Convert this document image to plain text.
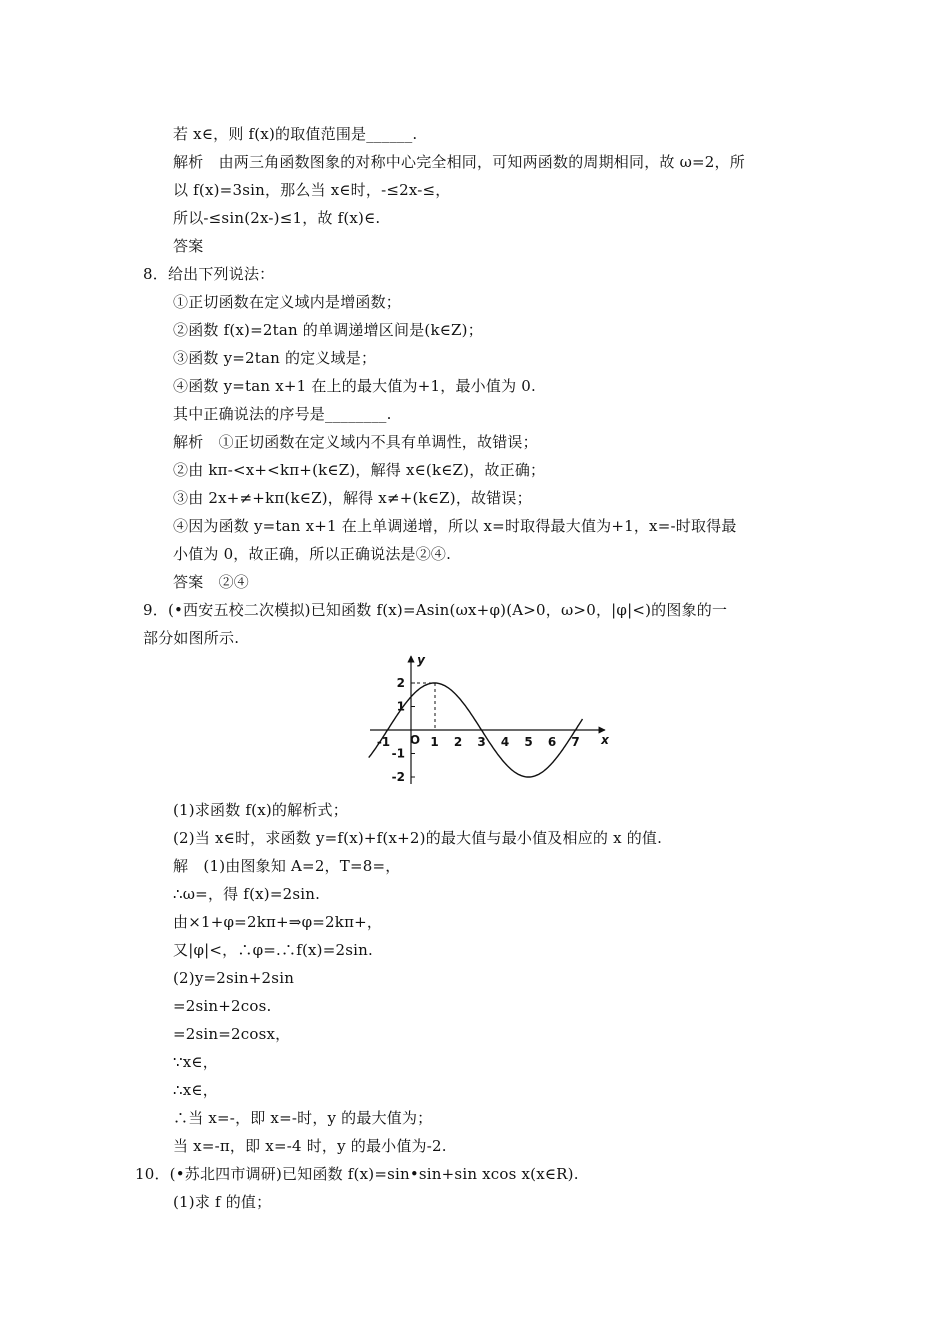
若 x∈，则 f(x)的取值范围是______.
解析　由两三角函数图象的对称中心完全相同，可知两函数的周期相同，故 ω=2，所
以 f(x)=3sin，那么当 x∈时，-≤2x-≤，
所以-≤sin(2x-)≤1，故 f(x)∈.
答案
8．给出下列说法：
①正切函数在定义域内是增函数；
②函数 f(x)=2tan 的单调递增区间是(k∈Z)；
③函数 y=2tan 的定义域是；
④函数 y=tan x+1 在上的最大值为+1，最小值为 0.
其中正确说法的序号是________.
解析　①正切函数在定义域内不具有单调性，故错误；
②由 kπ-<x+<kπ+(k∈Z)，解得 x∈(k∈Z)，故正确；
③由 2x+≠+kπ(k∈Z)，解得 x≠+(k∈Z)，故错误；
④因为函数 y=tan x+1 在上单调递增，所以 x=时取得最大值为+1，x=-时取得最
小值为 0，故正确，所以正确说法是②④.
答案　②④
9．(•西安五校二次模拟)已知函数 f(x)=Asin(ωx+φ)(A>0，ω>0，|φ|<)的图象的一
部分如图所示.
-1	1 2 3 4 5 6 7
2
1
-1
-2
O	x
y
(1)求函数 f(x)的解析式；
(2)当 x∈时，求函数 y=f(x)+f(x+2)的最大值与最小值及相应的 x 的值.
解　(1)由图象知 A=2，T=8=，
∴ω=，得 f(x)=2sin.
由×1+φ=2kπ+⇒φ=2kπ+，
又|φ|<，∴φ=.∴f(x)=2sin.
(2)y=2sin+2sin
=2sin+2cos.
=2sin=2cosx，
∵x∈，
∴x∈，
∴当 x=-，即 x=-时，y 的最大值为；
当 x=-π，即 x=-4 时，y 的最小值为-2.
10．(•苏北四市调研)已知函数 f(x)=sin•sin+sin xcos x(x∈R).
(1)求 f 的值；
